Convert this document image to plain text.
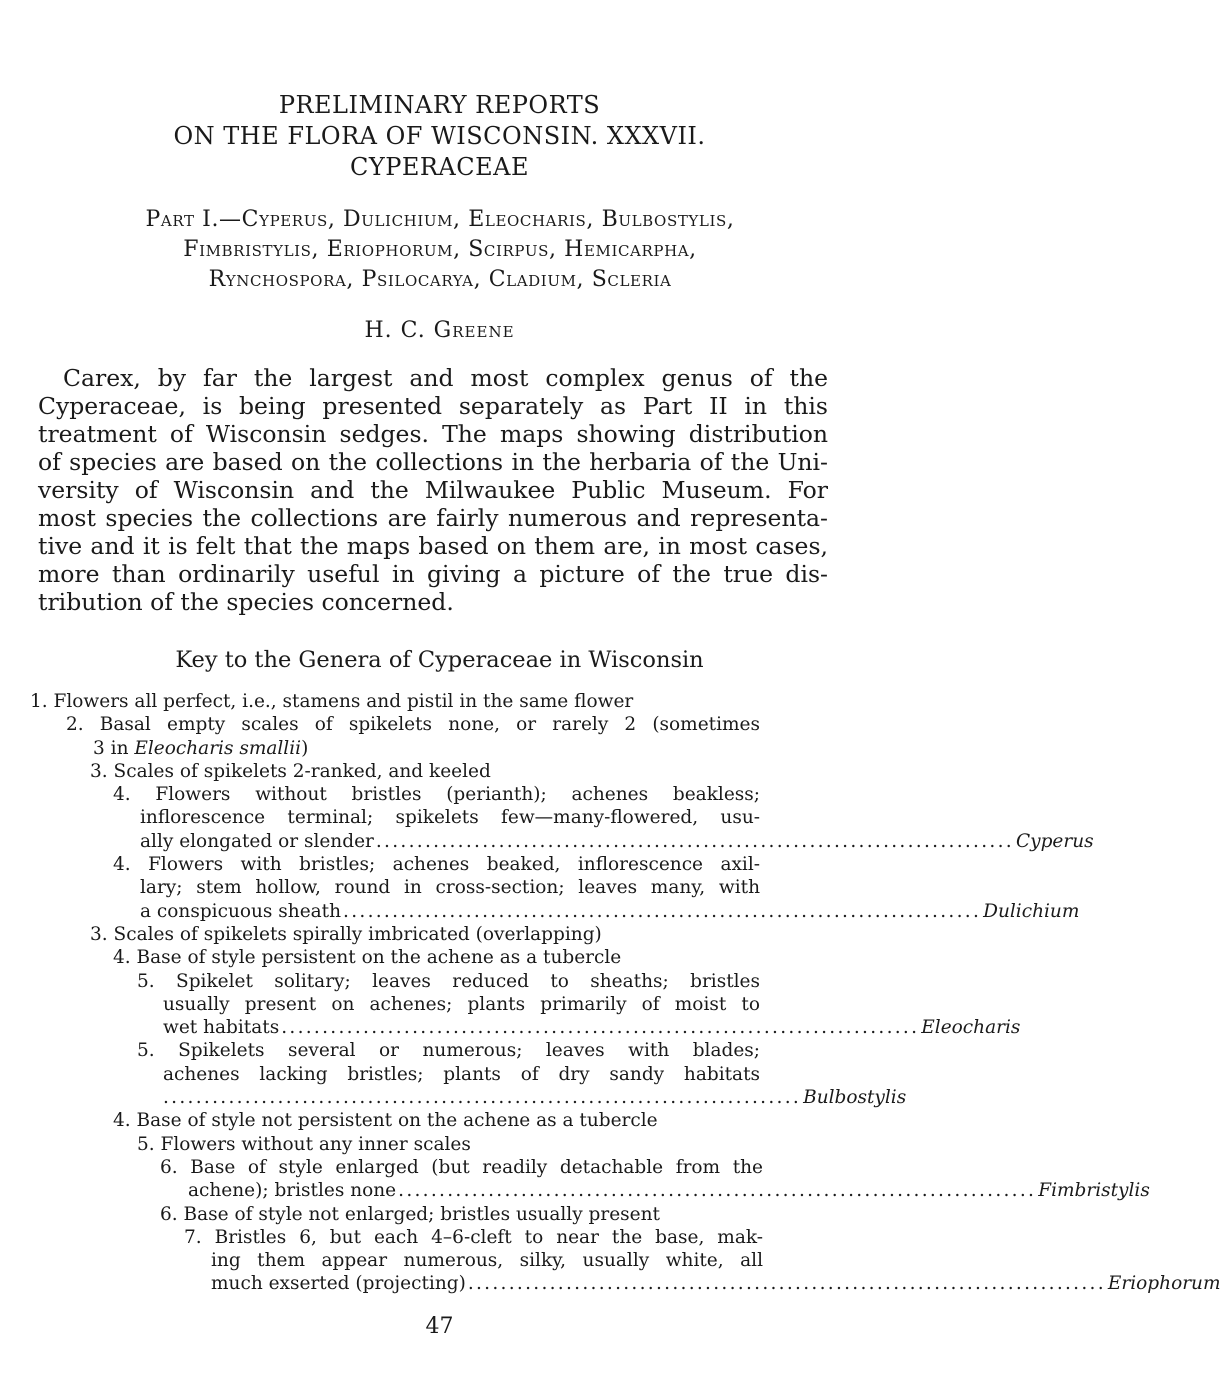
PRELIMINARY REPORTS
ON THE FLORA OF WISCONSIN. XXXVII.
CYPERACEAE
Part I.—Cyperus, Dulichium, Eleocharis, Bulbostylis,
Fimbristylis, Eriophorum, Scirpus, Hemicarpha,
Rynchospora, Psilocarya, Cladium, Scleria
H. C. Greene
Carex, by far the largest and most complex genus of the
Cyperaceae, is being presented separately as Part II in this
treatment of Wisconsin sedges. The maps showing distribution
of species are based on the collections in the herbaria of the Uni-
versity of Wisconsin and the Milwaukee Public Museum. For
most species the collections are fairly numerous and representa-
tive and it is felt that the maps based on them are, in most cases,
more than ordinarily useful in giving a picture of the true dis-
tribution of the species concerned.
Key to the Genera of Cyperaceae in Wisconsin
1. Flowers all perfect, i.e., stamens and pistil in the same flower
2. Basal empty scales of spikelets none, or rarely 2 (sometimes
3 in Eleocharis smallii)
3. Scales of spikelets 2-ranked, and keeled
4. Flowers without bristles (perianth); achenes beakless;
inflorescence terminal; spikelets few—many-flowered, usu-
ally elongated or slender .............................................................................. Cyperus
4. Flowers with bristles; achenes beaked, inflorescence axil-
lary; stem hollow, round in cross-section; leaves many, with
a conspicuous sheath .............................................................................. Dulichium
3. Scales of spikelets spirally imbricated (overlapping)
4. Base of style persistent on the achene as a tubercle
5. Spikelet solitary; leaves reduced to sheaths; bristles
usually present on achenes; plants primarily of moist to
wet habitats .............................................................................. Eleocharis
5. Spikelets several or numerous; leaves with blades;
achenes lacking bristles; plants of dry sandy habitats
.............................................................................. Bulbostylis
4. Base of style not persistent on the achene as a tubercle
5. Flowers without any inner scales
6. Base of style enlarged (but readily detachable from the
achene); bristles none .............................................................................. Fimbristylis
6. Base of style not enlarged; bristles usually present
7. Bristles 6, but each 4–6-cleft to near the base, mak-
ing them appear numerous, silky, usually white, all
much exserted (projecting) .............................................................................. Eriophorum
47
